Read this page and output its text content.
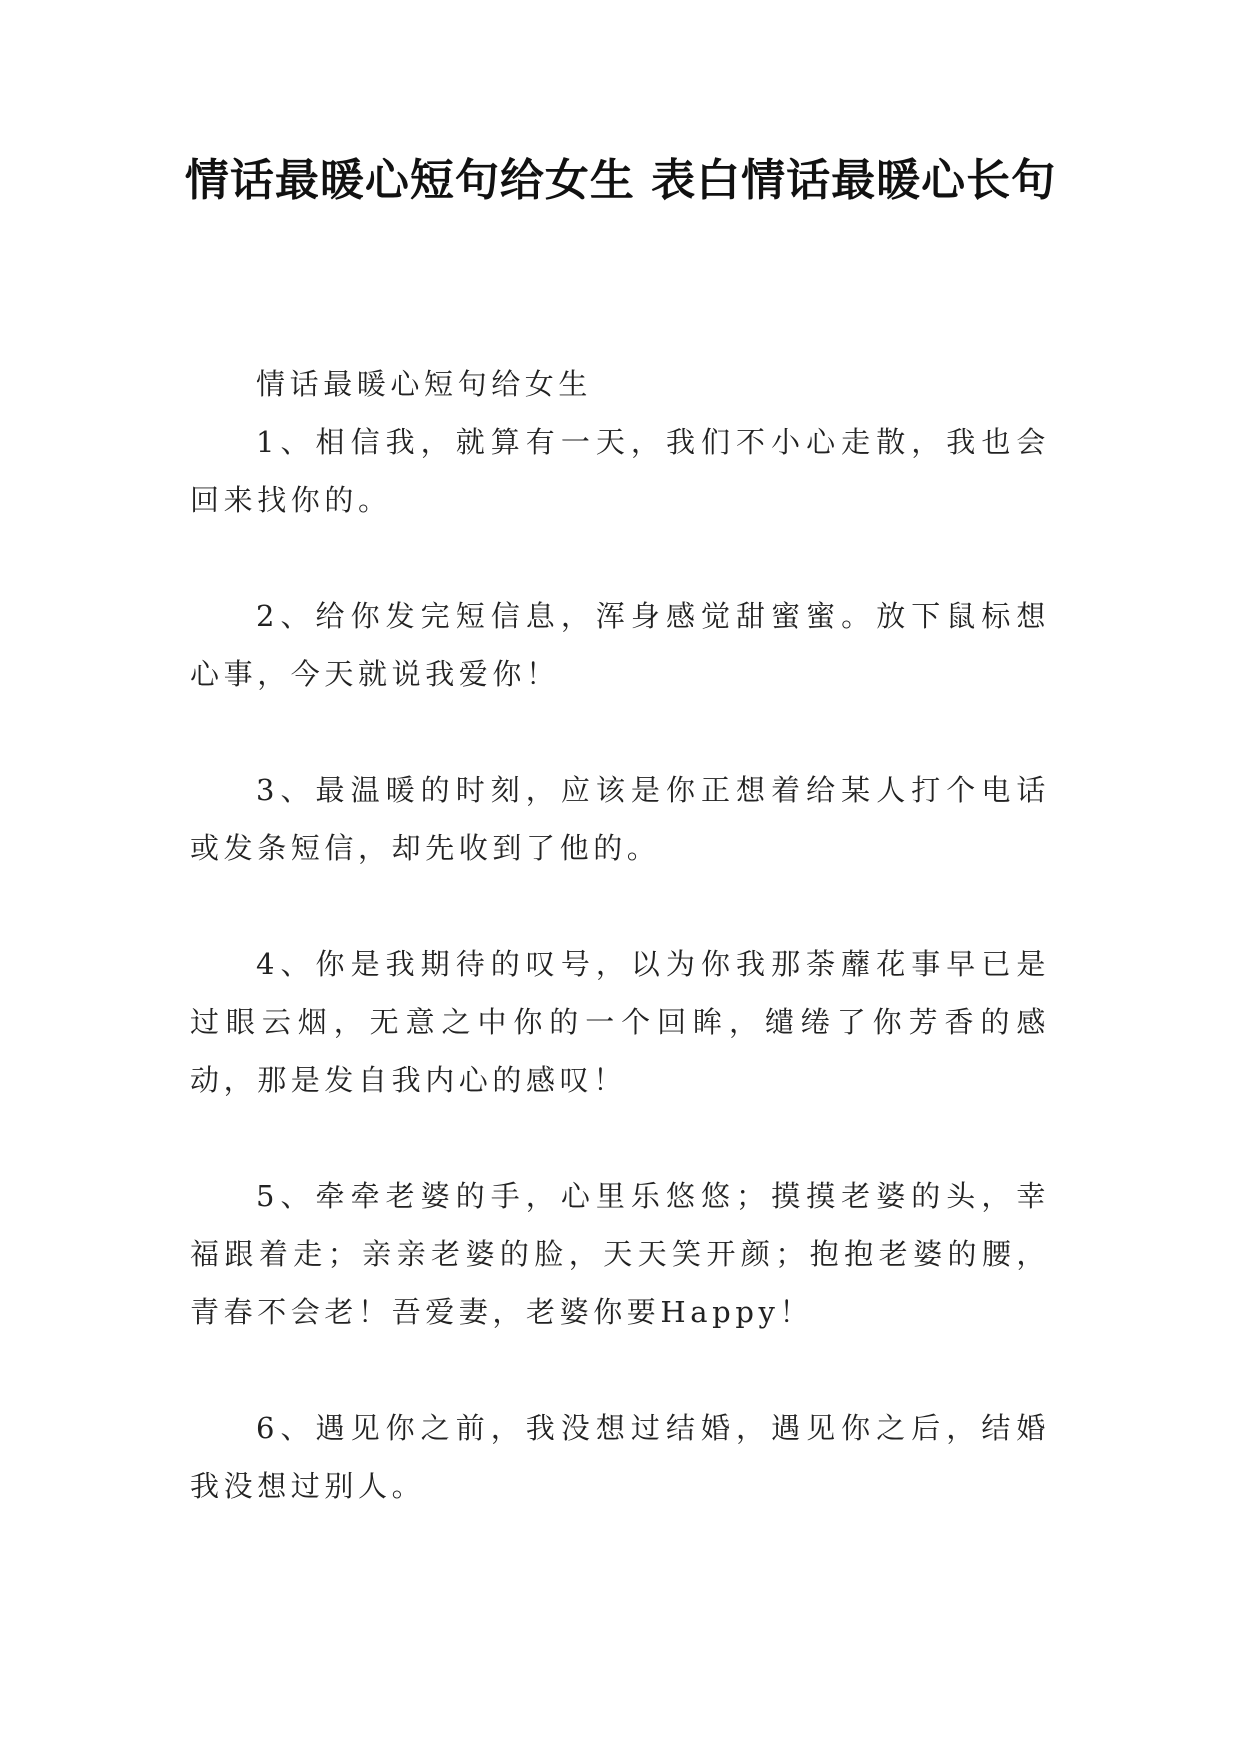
情话最暖心短句给女生 表白情话最暖心长句

情话最暖心短句给女生

1、相信我，就算有一天，我们不小心走散，我也会回来找你的。

2、给你发完短信息，浑身感觉甜蜜蜜。放下鼠标想心事，今天就说我爱你！

3、最温暖的时刻，应该是你正想着给某人打个电话或发条短信，却先收到了他的。

4、你是我期待的叹号，以为你我那荼蘼花事早已是过眼云烟，无意之中你的一个回眸，缱绻了你芳香的感动，那是发自我内心的感叹！

5、牵牵老婆的手，心里乐悠悠；摸摸老婆的头，幸福跟着走；亲亲老婆的脸，天天笑开颜；抱抱老婆的腰，青春不会老！吾爱妻，老婆你要Happy！

6、遇见你之前，我没想过结婚，遇见你之后，结婚我没想过别人。
